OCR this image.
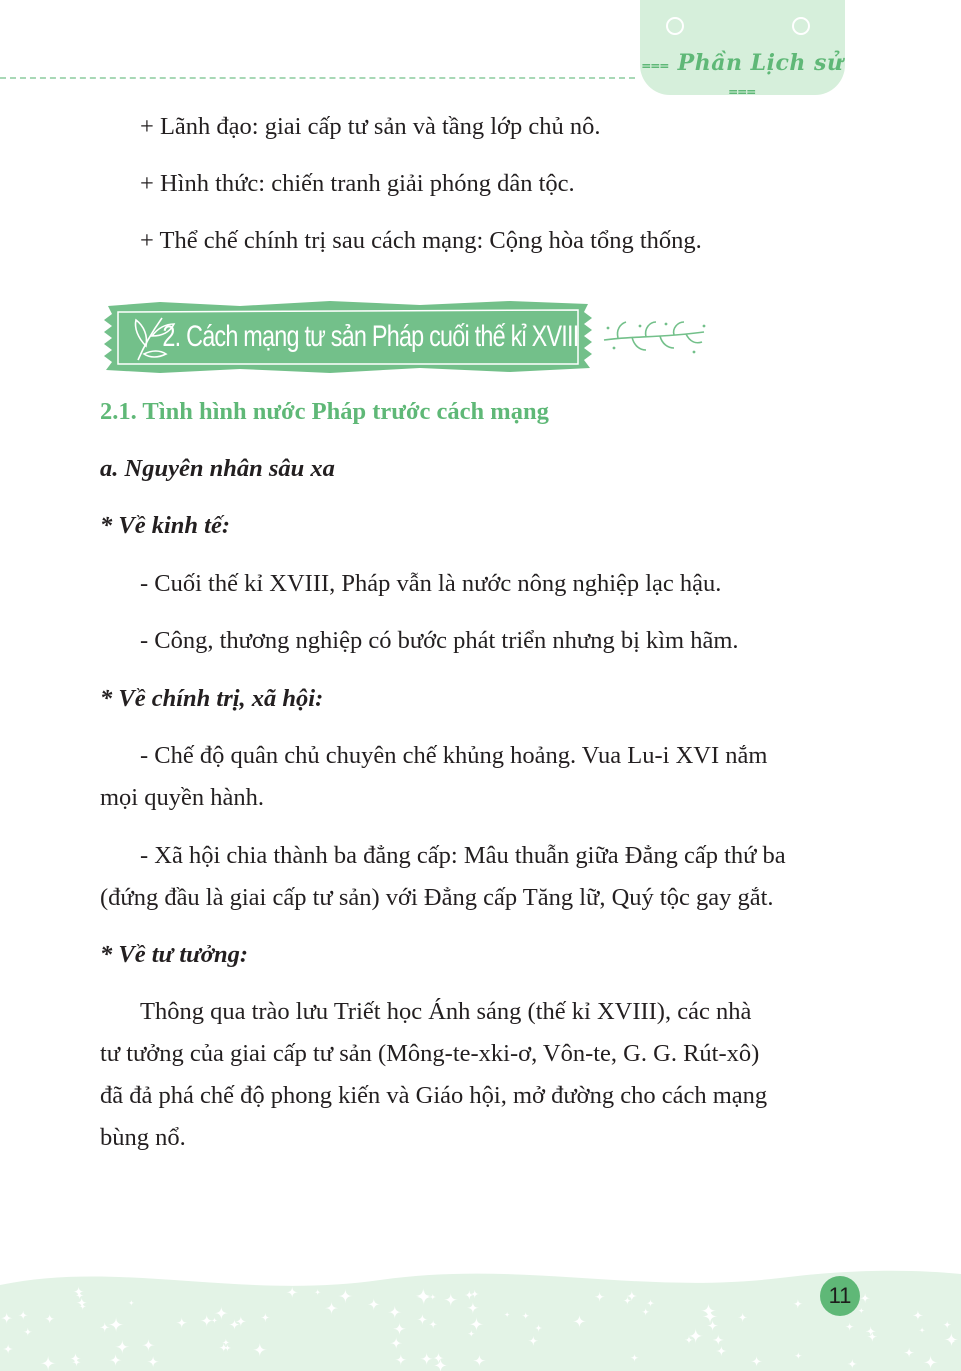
⩶ Phần Lịch sử ⩶
+ Lãnh đạo: giai cấp tư sản và tầng lớp chủ nô.
+ Hình thức: chiến tranh giải phóng dân tộc.
+ Thể chế chính trị sau cách mạng: Cộng hòa tổng thống.
2. Cách mạng tư sản Pháp cuối thế kỉ XVIII
2.1. Tình hình nước Pháp trước cách mạng
a. Nguyên nhân sâu xa
* Về kinh tế:
- Cuối thế kỉ XVIII, Pháp vẫn là nước nông nghiệp lạc hậu.
- Công, thương nghiệp có bước phát triển nhưng bị kìm hãm.
* Về chính trị, xã hội:
- Chế độ quân chủ chuyên chế khủng hoảng. Vua Lu-i XVI nắm
mọi quyền hành.
- Xã hội chia thành ba đẳng cấp: Mâu thuẫn giữa Đẳng cấp thứ ba
(đứng đầu là giai cấp tư sản) với Đẳng cấp Tăng lữ, Quý tộc gay gắt.
* Về tư tưởng:
Thông qua trào lưu Triết học Ánh sáng (thế kỉ XVIII), các nhà
tư tưởng của giai cấp tư sản (Mông-te-xki-ơ, Vôn-te, G. G. Rút-xô)
đã đả phá chế độ phong kiến và Giáo hội, mở đường cho cách mạng
bùng nổ.
11
